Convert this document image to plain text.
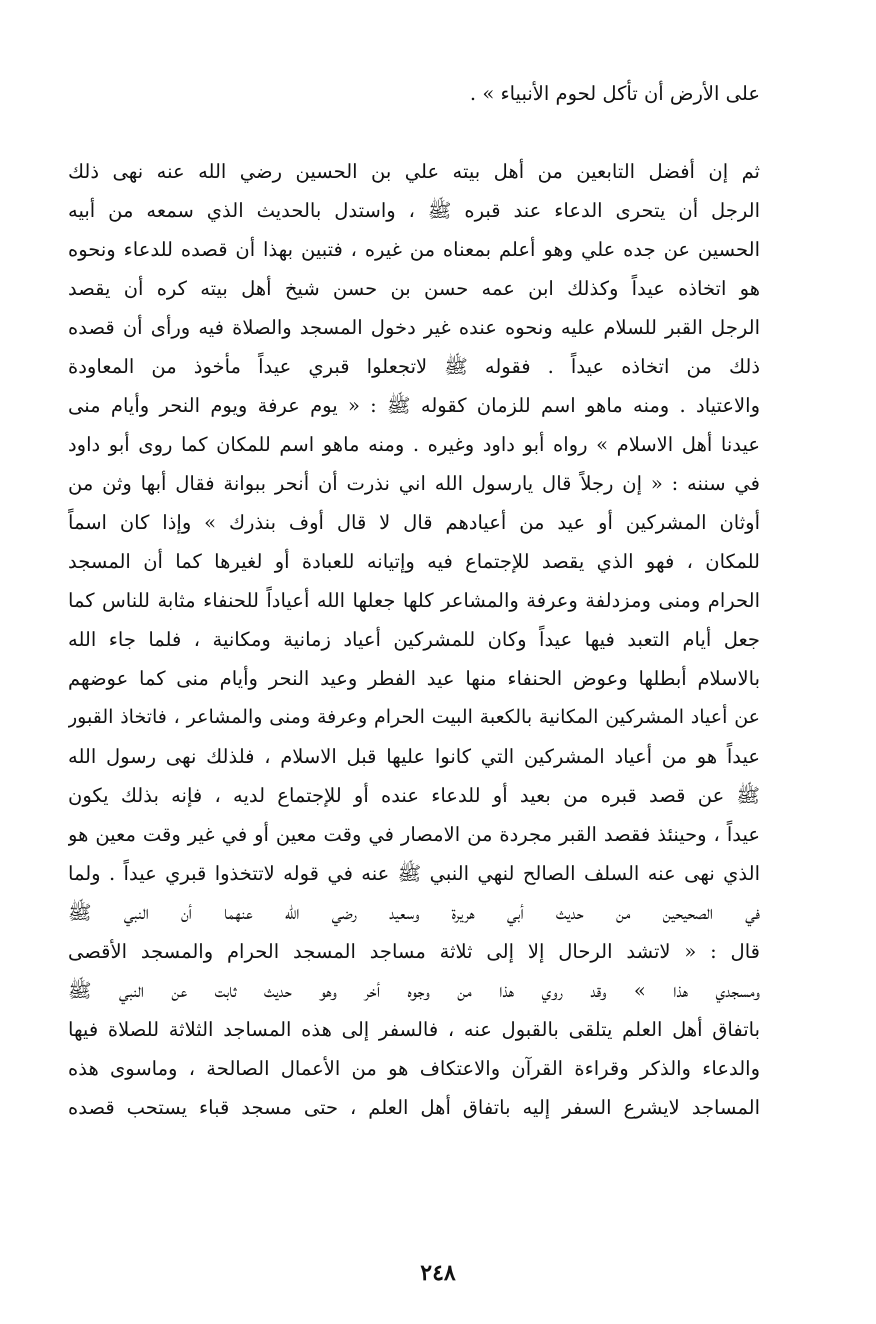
على الأرض أن تأكل لحوم الأنبياء » .
ثم إن أفضل التابعين من أهل بيته علي بن الحسين رضي الله عنه نهى ذلك
الرجل أن يتحرى الدعاء عند قبره ﷺ ، واستدل بالحديث الذي سمعه من أبيه
الحسين عن جده علي وهو أعلم بمعناه من غيره ، فتبين بهذا أن قصده للدعاء ونحوه
هو اتخاذه عيداً وكذلك ابن عمه حسن بن حسن شيخ أهل بيته كره أن يقصد
الرجل القبر للسلام عليه ونحوه عنده غير دخول المسجد والصلاة فيه ورأى أن قصده
ذلك من اتخاذه عيداً . فقوله ﷺ لاتجعلوا قبري عيداً مأخوذ من المعاودة
والاعتياد . ومنه ماهو اسم للزمان كقوله ﷺ : « يوم عرفة ويوم النحر وأيام منى
عيدنا أهل الاسلام » رواه أبو داود وغيره . ومنه ماهو اسم للمكان كما روى أبو داود
في سننه : « إن رجلاً قال يارسول الله اني نذرت أن أنحر ببوانة فقال أبها وثن من
أوثان المشركين أو عيد من أعيادهم قال لا قال أوف بنذرك » وإذا كان اسماً
للمكان ، فهو الذي يقصد للإجتماع فيه وإتيانه للعبادة أو لغيرها كما أن المسجد
الحرام ومنى ومزدلفة وعرفة والمشاعر كلها جعلها الله أعياداً للحنفاء مثابة للناس كما
جعل أيام التعبد فيها عيداً وكان للمشركين أعياد زمانية ومكانية ، فلما جاء الله
بالاسلام أبطلها وعوض الحنفاء منها عيد الفطر وعيد النحر وأيام منى كما عوضهم
عن أعياد المشركين المكانية بالكعبة البيت الحرام وعرفة ومنى والمشاعر ، فاتخاذ القبور
عيداً هو من أعياد المشركين التي كانوا عليها قبل الاسلام ، فلذلك نهى رسول الله
ﷺ عن قصد قبره من بعيد أو للدعاء عنده أو للإجتماع لديه ، فإنه بذلك يكون
عيداً ، وحينئذ فقصد القبر مجردة من الامصار في وقت معين أو في غير وقت معين هو
الذي نهى عنه السلف الصالح لنهي النبي ﷺ عنه في قوله لاتتخذوا قبري عيداً . ولما
في الصحيحين من حديث أبي هريرة وسعيد رضي الله عنهما أن النبي ﷺ
قال : « لاتشد الرحال إلا إلى ثلاثة مساجد المسجد الحرام والمسجد الأقصى
ومسجدي هذا » وقد روي هذا من وجوه أخر وهو حديث ثابت عن النبي ﷺ
باتفاق أهل العلم يتلقى بالقبول عنه ، فالسفر إلى هذه المساجد الثلاثة للصلاة فيها
والدعاء والذكر وقراءة القرآن والاعتكاف هو من الأعمال الصالحة ، وماسوى هذه
المساجد لايشرع السفر إليه باتفاق أهل العلم ، حتى مسجد قباء يستحب قصده
٢٤٨
